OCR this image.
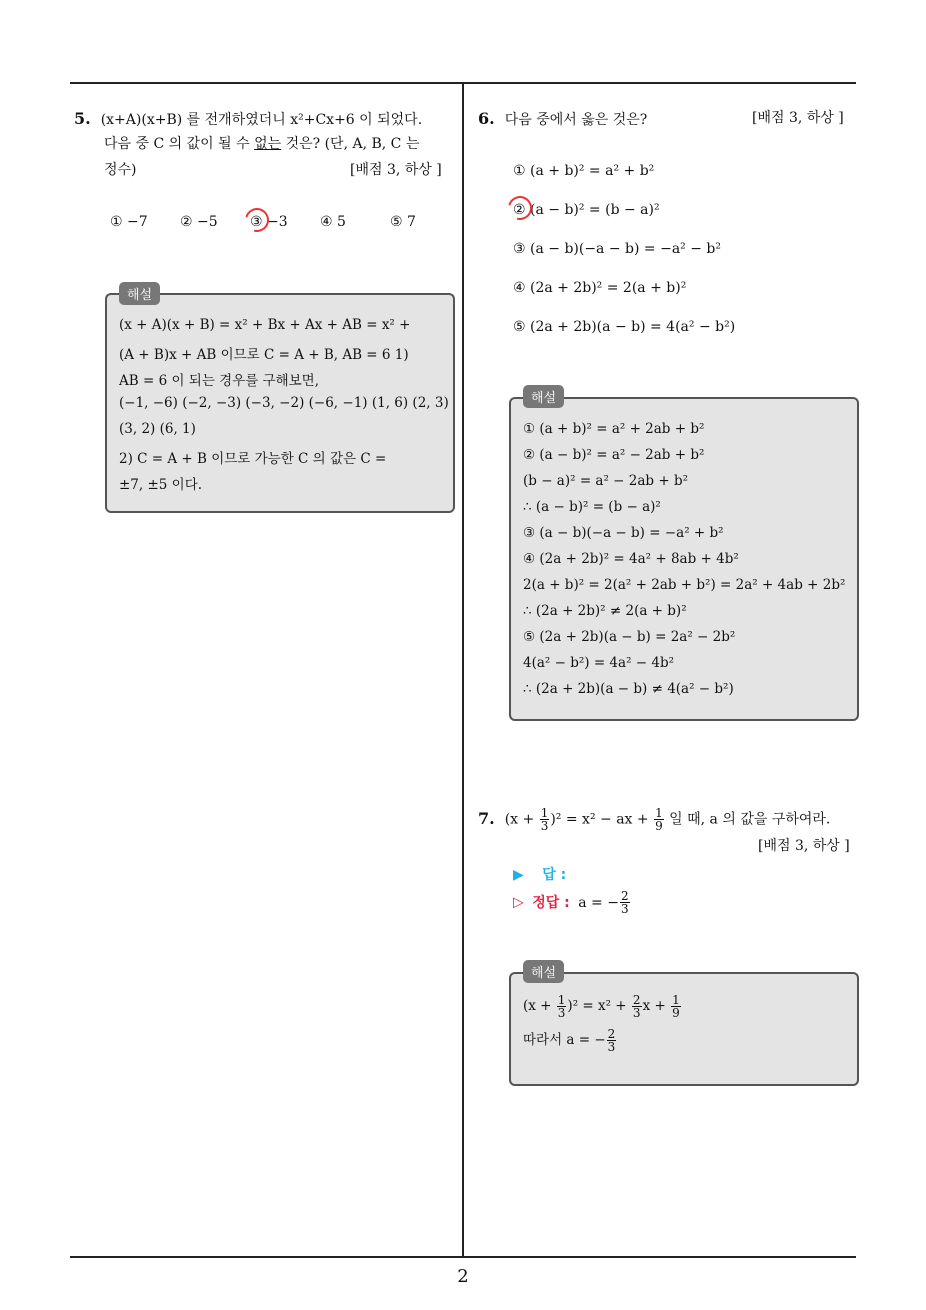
5. (x+A)(x+B) 를 전개하였더니 x²+Cx+6 이 되었다.
다음 중 C 의 값이 될 수 없는 것은? (단, A, B, C 는
정수)	[배점 3, 하상 ]
① −7 ② −5 ③ −3 ④ 5	⑤ 7
(x + A)(x + B) = x² + Bx + Ax + AB = x² +
(A + B)x + AB 이므로 C = A + B, AB = 6 1)
AB = 6 이 되는 경우를 구해보면,
(−1, −6) (−2, −3) (−3, −2) (−6, −1) (1, 6) (2, 3)
(3, 2) (6, 1)
2) C = A + B 이므로 가능한 C 의 값은 C =
±7, ±5 이다.
해설
6. 다음 중에서 옳은 것은?	[배점 3, 하상 ]
① (a + b)² = a² + b²
② (a − b)² = (b − a)²
③ (a − b)(−a − b) = −a² − b²
④ (2a + 2b)² = 2(a + b)²
⑤ (2a + 2b)(a − b) = 4(a² − b²)
① (a + b)² = a² + 2ab + b²
② (a − b)² = a² − 2ab + b²
(b − a)² = a² − 2ab + b²
∴ (a − b)² = (b − a)²
③ (a − b)(−a − b) = −a² + b²
④ (2a + 2b)² = 4a² + 8ab + 4b²
2(a + b)² = 2(a² + 2ab + b²) = 2a² + 4ab + 2b²
∴ (2a + 2b)² ≠ 2(a + b)²
⑤ (2a + 2b)(a − b) = 2a² − 2b²
4(a² − b²) = 4a² − 4b²
∴ (2a + 2b)(a − b) ≠ 4(a² − b²)
해설
7. $(x + \frac{1}{3} )^2 = x^2$ − ax + $\frac{1}{9}$ 일 때, a 의 값을 구하여라.
[배점 3, 하상 ]
▶ 답 :
▷ 정답 : a = − $\frac{2}{3}$
$(x + \frac{1}{3} )^2 = x^2 + \frac{2}{3}$ $x + \frac{1}{9}$
따라서 a = − $\frac{2}{3}$
해설
2
